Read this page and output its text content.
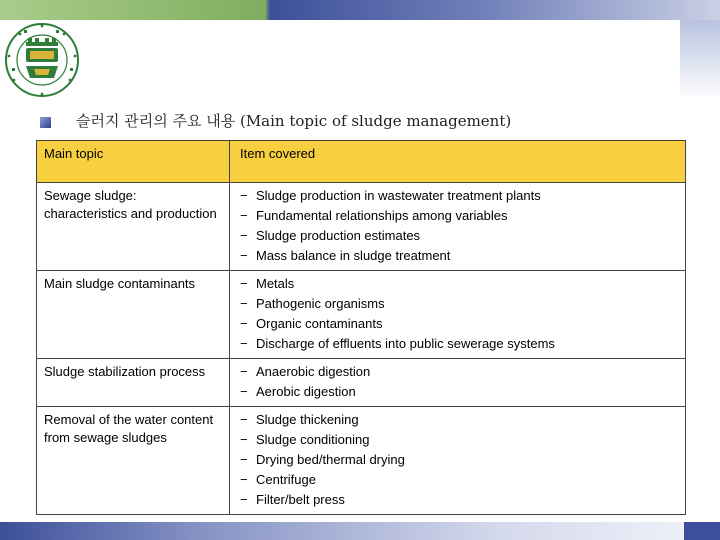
슬러지 관리의 주요 내용 (Main topic of sludge management)
Main topic	Item covered

Sewage sludge: characteristics and production	− Sludge production in wastewater treatment plants
− Fundamental relationships among variables
− Sludge production estimates
− Mass balance in sludge treatment

Main sludge contaminants	− Metals
− Pathogenic organisms
− Organic contaminants
− Discharge of effluents into public sewerage systems

Sludge stabilization process	− Anaerobic digestion
− Aerobic digestion

Removal of the water content from sewage sludges	− Sludge thickening
− Sludge conditioning
− Drying bed/thermal drying
− Centrifuge
− Filter/belt press
